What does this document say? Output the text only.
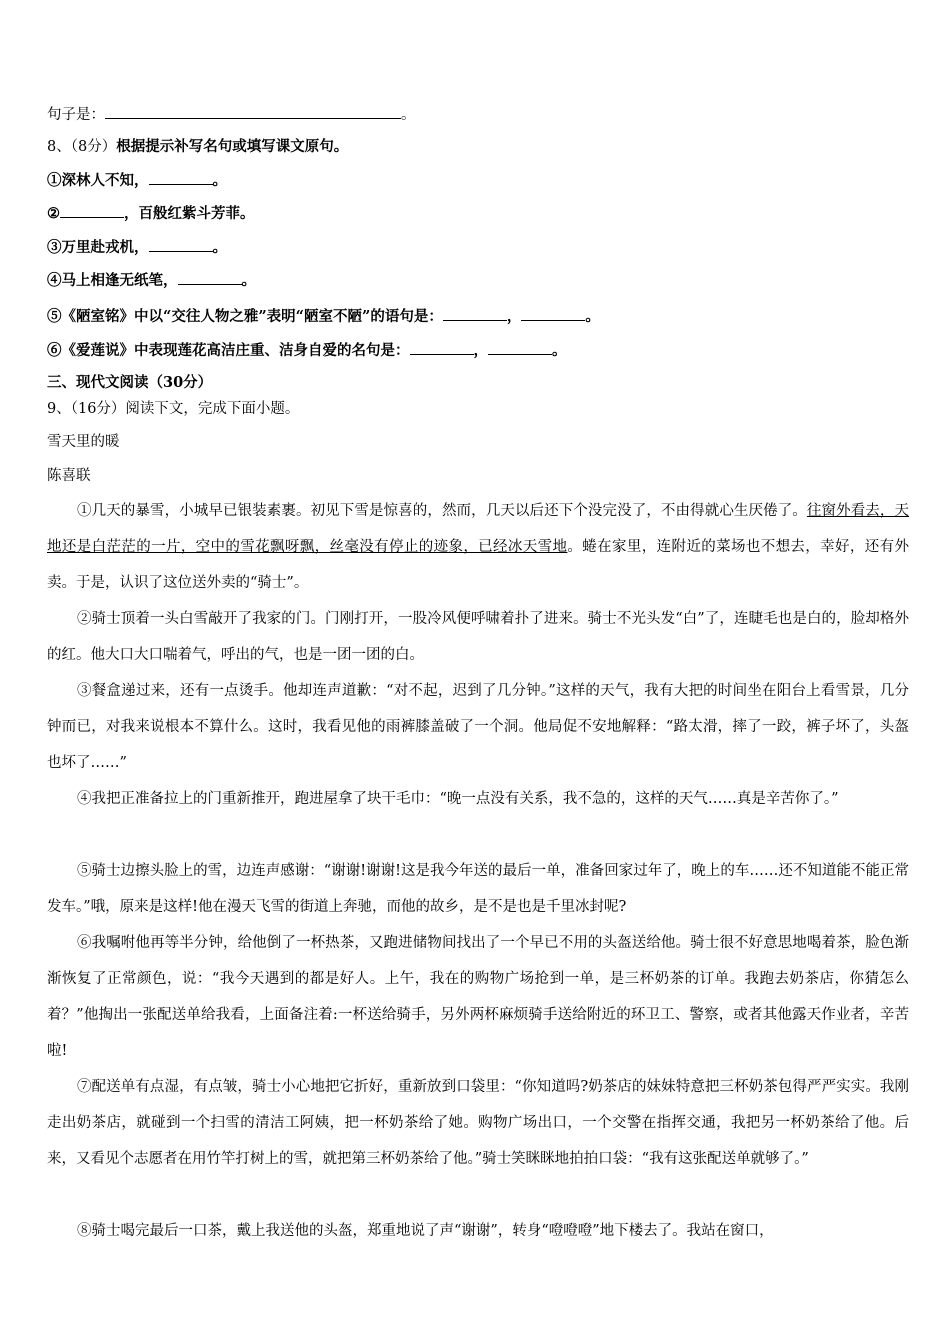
句子是：	。
8、（8分）根据提示补写名句或填写课文原句。
①深林人不知，	。
②	，百般红紫斗芳菲。
③万里赴戎机，	。
④马上相逢无纸笔，	。
⑤《陋室铭》中以“交往人物之雅”表明“陋室不陋”的语句是：	，	。
⑥《爱莲说》中表现莲花高洁庄重、洁身自爱的名句是：	，	。
三、现代文阅读（30分）
9、（16分）阅读下文，完成下面小题。
雪天里的暖
陈喜联
①几天的暴雪，小城早已银装素裹。初见下雪是惊喜的，然而，几天以后还下个没完没了，不由得就心生厌倦了。往窗外看去，天地还是白茫茫的一片，空中的雪花飘呀飘，丝毫没有停止的迹象，已经冰天雪地。蜷在家里，连附近的菜场也不想去，幸好，还有外卖。于是，认识了这位送外卖的“骑士”。
②骑士顶着一头白雪敲开了我家的门。门刚打开，一股冷风便呼啸着扑了进来。骑士不光头发“白”了，连睫毛也是白的，脸却格外的红。他大口大口喘着气，呼出的气，也是一团一团的白。
③餐盒递过来，还有一点烫手。他却连声道歉：“对不起，迟到了几分钟。”这样的天气，我有大把的时间坐在阳台上看雪景，几分钟而已，对我来说根本不算什么。这时，我看见他的雨裤膝盖破了一个洞。他局促不安地解释：“路太滑，摔了一跤，裤子坏了，头盔也坏了……”
④我把正准备拉上的门重新推开，跑进屋拿了块干毛巾：“晚一点没有关系，我不急的，这样的天气……真是辛苦你了。”
⑤骑士边擦头脸上的雪，边连声感谢：“谢谢!谢谢!这是我今年送的最后一单，准备回家过年了，晚上的车……还不知道能不能正常发车。”哦，原来是这样!他在漫天飞雪的街道上奔驰，而他的故乡，是不是也是千里冰封呢?
⑥我嘱咐他再等半分钟，给他倒了一杯热茶，又跑进储物间找出了一个早已不用的头盔送给他。骑士很不好意思地喝着茶，脸色渐渐恢复了正常颜色，说：“我今天遇到的都是好人。上午，我在的购物广场抢到一单，是三杯奶茶的订单。我跑去奶茶店，你猜怎么着？”他掏出一张配送单给我看，上面备注着:一杯送给骑手，另外两杯麻烦骑手送给附近的环卫工、警察，或者其他露天作业者，辛苦啦!
⑦配送单有点湿，有点皱，骑士小心地把它折好，重新放到口袋里：“你知道吗?奶茶店的妹妹特意把三杯奶茶包得严严实实。我刚走出奶茶店，就碰到一个扫雪的清洁工阿姨，把一杯奶茶给了她。购物广场出口，一个交警在指挥交通，我把另一杯奶茶给了他。后来，又看见个志愿者在用竹竿打树上的雪，就把第三杯奶茶给了他。”骑士笑眯眯地拍拍口袋：“我有这张配送单就够了。”
⑧骑士喝完最后一口茶，戴上我送他的头盔，郑重地说了声“谢谢”，转身“噔噔噔”地下楼去了。我站在窗口，
